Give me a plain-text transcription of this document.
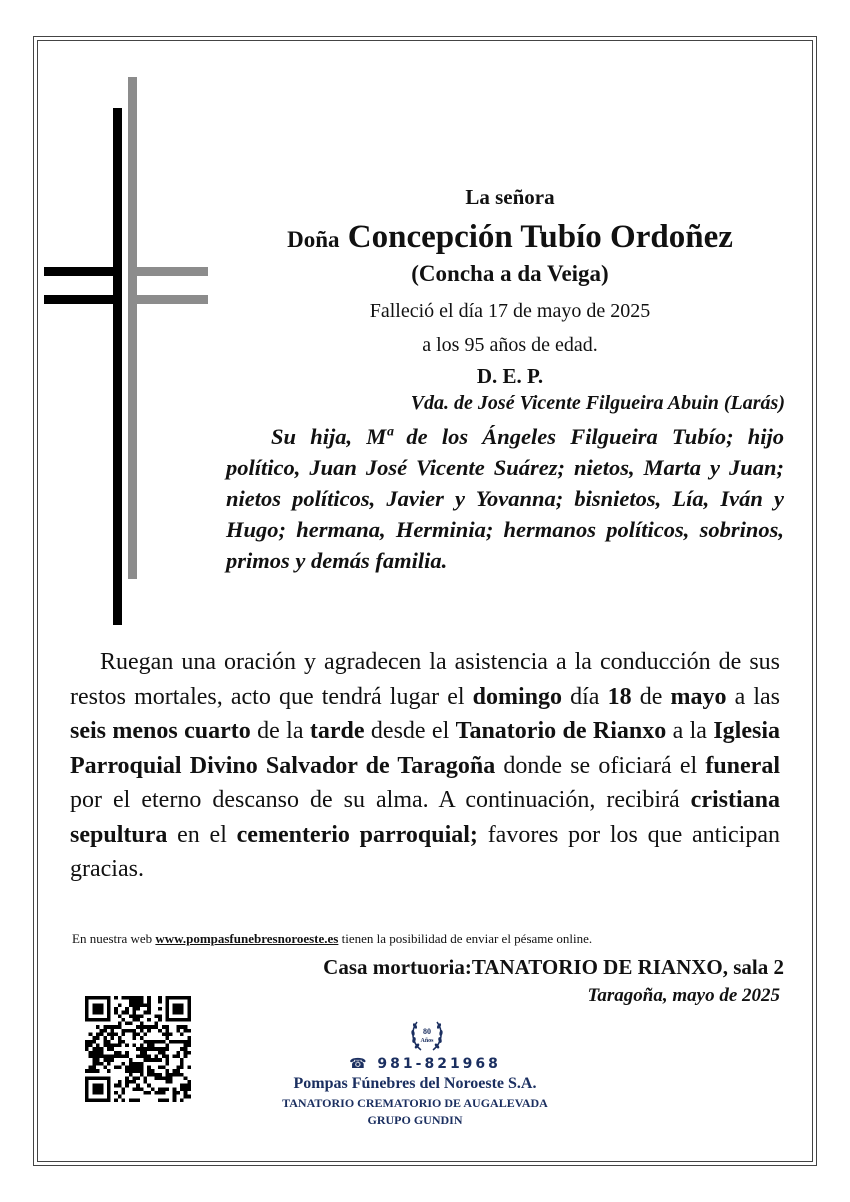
La señora
Doña Concepción Tubío Ordoñez
(Concha a da Veiga)
Falleció el día 17 de mayo de 2025
a los 95 años de edad.
D. E. P.
Vda. de José Vicente Filgueira Abuin (Larás)

Su hija, Mª de los Ángeles Filgueira Tubío; hijo político, Juan José Vicente Suárez; nietos, Marta y Juan; nietos políticos, Javier y Yovanna; bisnietos, Lía, Iván y Hugo; hermana, Herminia; hermanos políticos, sobrinos, primos y demás familia.

Ruegan una oración y agradecen la asistencia a la conducción de sus restos mortales, acto que tendrá lugar el domingo día 18 de mayo a las seis menos cuarto de la tarde desde el Tanatorio de Rianxo a la Iglesia Parroquial Divino Salvador de Taragoña donde se oficiará el funeral por el eterno descanso de su alma. A continuación, recibirá cristiana sepultura en el cementerio parroquial; favores por los que anticipan gracias.

En nuestra web www.pompasfunebresnoroeste.es tienen la posibilidad de enviar el pésame online.
Casa mortuoria:TANATORIO DE RIANXO, sala 2
Taragoña, mayo de 2025
80
Años
☎ 981-821968
Pompas Fúnebres del Noroeste S.A.
TANATORIO CREMATORIO DE AUGALEVADA
GRUPO GUNDIN
